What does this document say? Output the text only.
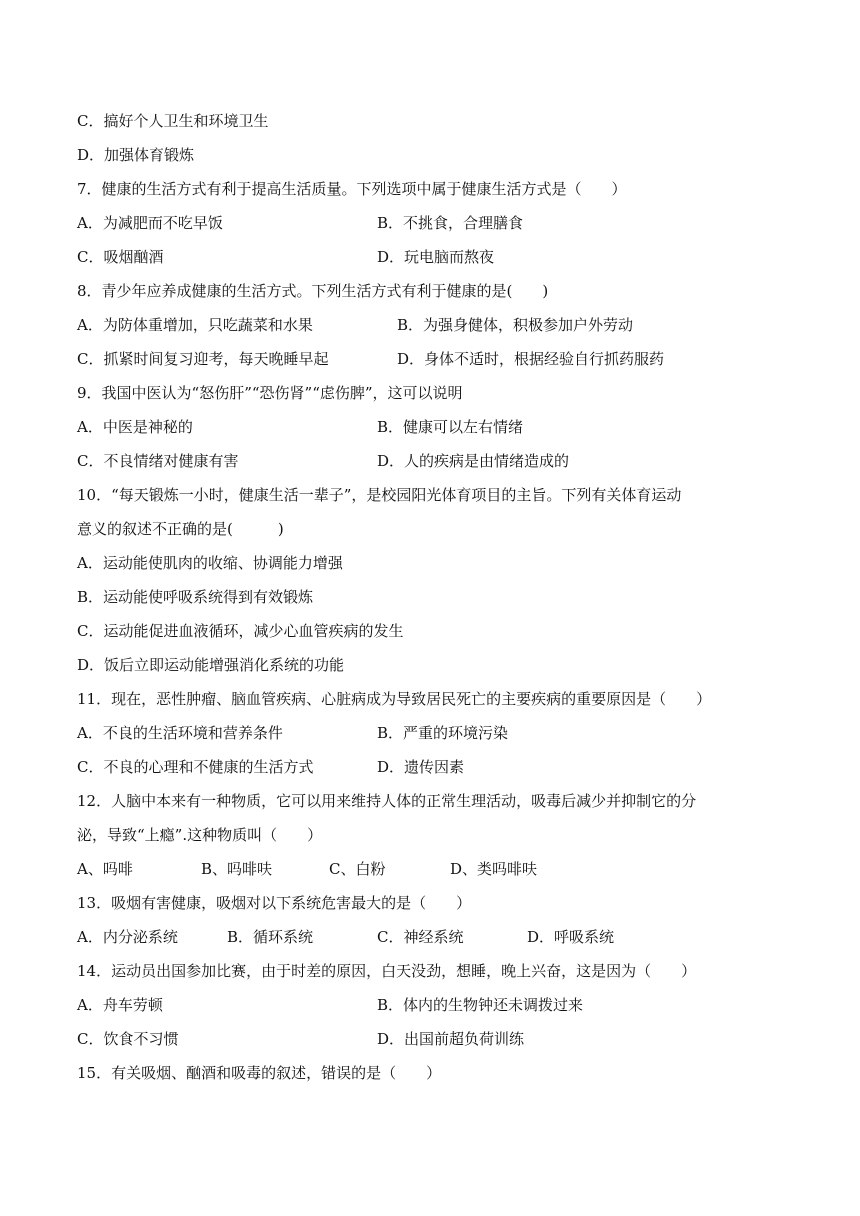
C．搞好个人卫生和环境卫生
D．加强体育锻炼
7．健康的生活方式有利于提高生活质量。下列选项中属于健康生活方式是（　　）
A．为减肥而不吃早饭	B．不挑食，合理膳食
C．吸烟酗酒	D．玩电脑而熬夜
8．青少年应养成健康的生活方式。下列生活方式有利于健康的是(　　)
A．为防体重增加，只吃蔬菜和水果	B．为强身健体，积极参加户外劳动
C．抓紧时间复习迎考，每天晚睡早起	D．身体不适时，根据经验自行抓药服药
9．我国中医认为“怒伤肝”“恐伤肾”“虑伤脾”，这可以说明
A．中医是神秘的	B．健康可以左右情绪
C．不良情绪对健康有害	D．人的疾病是由情绪造成的
10．“每天锻炼一小时，健康生活一辈子”，是校园阳光体育项目的主旨。下列有关体育运动
意义的叙述不正确的是(　　　)
A．运动能使肌肉的收缩、协调能力增强
B．运动能使呼吸系统得到有效锻炼
C．运动能促进血液循环，减少心血管疾病的发生
D．饭后立即运动能增强消化系统的功能
11．现在，恶性肿瘤、脑血管疾病、心脏病成为导致居民死亡的主要疾病的重要原因是（　　）
A．不良的生活环境和营养条件	B．严重的环境污染
C．不良的心理和不健康的生活方式	D．遗传因素
12．人脑中本来有一种物质，它可以用来维持人体的正常生理活动，吸毒后减少并抑制它的分
泌，导致“上瘾”.这种物质叫（　　）
A、吗啡	B、吗啡呋	C、白粉	D、类吗啡呋
13．吸烟有害健康，吸烟对以下系统危害最大的是（　　）
A．内分泌系统	B．循环系统	C．神经系统	D．呼吸系统
14．运动员出国参加比赛，由于时差的原因，白天没劲，想睡，晚上兴奋，这是因为（　　）
A．舟车劳顿	B．体内的生物钟还未调拨过来
C．饮食不习惯	D．出国前超负荷训练
15．有关吸烟、酗酒和吸毒的叙述，错误的是（　　）
